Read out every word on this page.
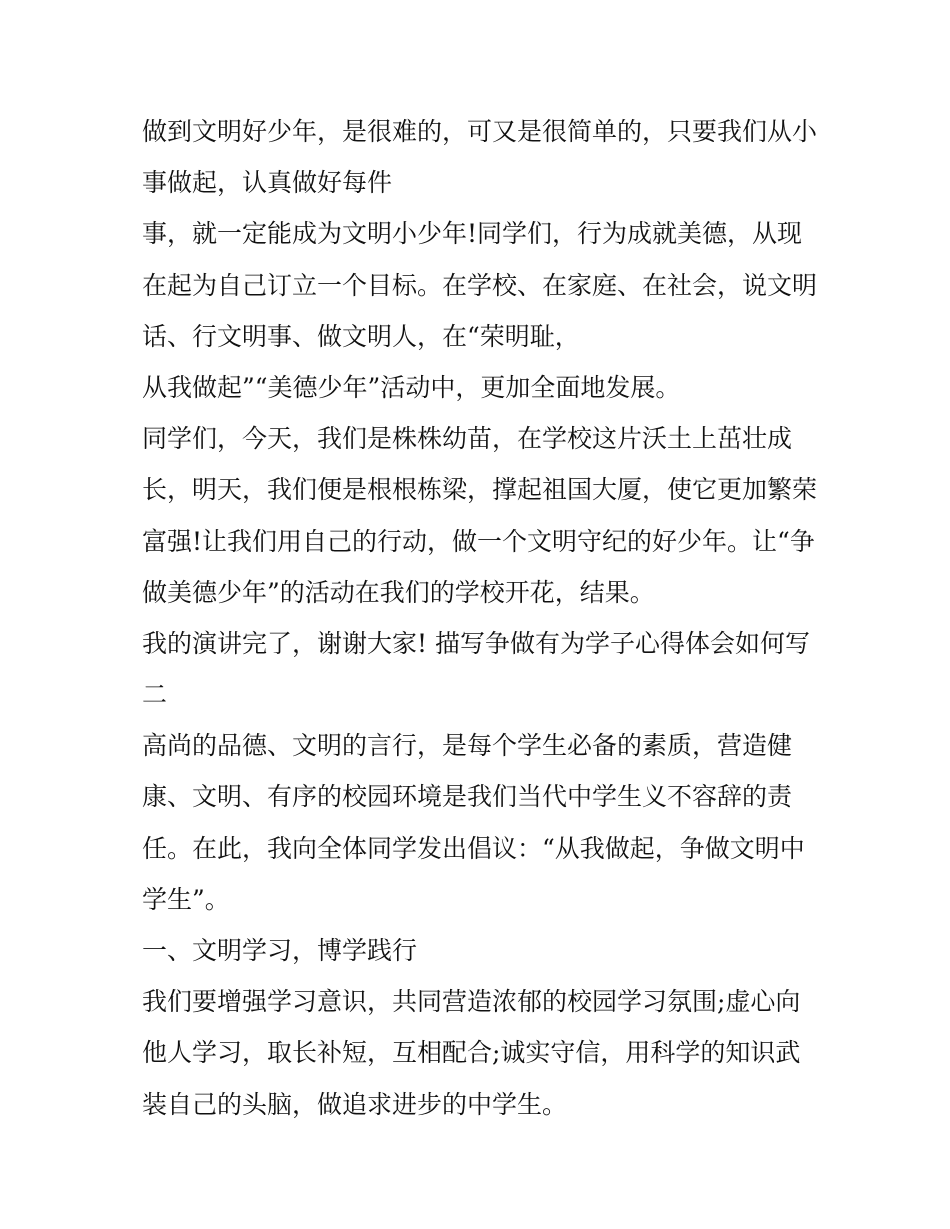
做到文明好少年，是很难的，可又是很简单的，只要我们从小
事做起，认真做好每件
事，就一定能成为文明小少年!同学们，行为成就美德，从现
在起为自己订立一个目标。在学校、在家庭、在社会，说文明
话、行文明事、做文明人，在“荣明耻，
从我做起”“美德少年”活动中，更加全面地发展。
同学们，今天，我们是株株幼苗，在学校这片沃土上茁壮成
长，明天，我们便是根根栋梁，撑起祖国大厦，使它更加繁荣
富强!让我们用自己的行动，做一个文明守纪的好少年。让“争
做美德少年”的活动在我们的学校开花，结果。
我的演讲完了，谢谢大家! 描写争做有为学子心得体会如何写
二
高尚的品德、文明的言行，是每个学生必备的素质，营造健
康、文明、有序的校园环境是我们当代中学生义不容辞的责
任。在此，我向全体同学发出倡议：“从我做起，争做文明中
学生”。
一、文明学习，博学践行
我们要增强学习意识，共同营造浓郁的校园学习氛围;虚心向
他人学习，取长补短，互相配合;诚实守信，用科学的知识武
装自己的头脑，做追求进步的中学生。
